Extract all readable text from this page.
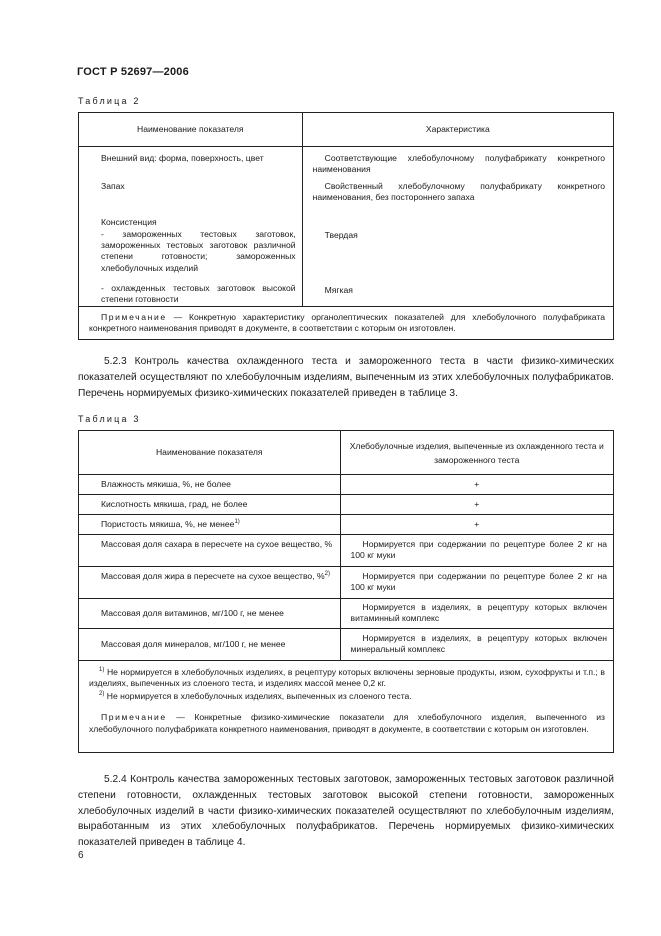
ГОСТ Р 52697—2006
Таблица 2
Наименование показателя	Характеристика
Внешний вид: форма, поверхность, цвет	Соответствующие хлебобулочному полуфабрикату конкретного наименования
Запах	Свойственный хлебобулочному полуфабрикату конкретного наименования, без постороннего запаха
Консистенция	
- замороженных тестовых заготовок, замороженных тестовых заготовок различной степени готовности; замороженных хлебобулочных изделий	Твердая
- охлажденных тестовых заготовок высокой степени готовности	Мягкая
Примечание — Конкретную характеристику органолептических показателей для хлебобулочного полуфабриката конкретного наименования приводят в документе, в соответствии с которым он изготовлен.	
5.2.3 Контроль качества охлажденного теста и замороженного теста в части физико-химических показателей осуществляют по хлебобулочным изделиям, выпеченным из этих хлебобулочных полуфабрикатов. Перечень нормируемых физико-химических показателей приведен в таблице 3.
Таблица 3
Наименование показателя	Хлебобулочные изделия, выпеченные из охлажденного теста и замороженного теста
Влажность мякиша, %, не более	+
Кислотность мякиша, град, не более	+
Пористость мякиша, %, не менее$^{1)}$	+
Массовая доля сахара в пересчете на сухое вещество, %	Нормируется при содержании по рецептуре более 2 кг на 100 кг муки
Массовая доля жира в пересчете на сухое вещество, %$^{2)}$	Нормируется при содержании по рецептуре более 2 кг на 100 кг муки
Массовая доля витаминов, мг/100 г, не менее	Нормируется в изделиях, в рецептуру которых включен витаминный комплекс
Массовая доля минералов, мг/100 г, не менее	Нормируется в изделиях, в рецептуру которых включен минеральный комплекс

$^{1)}$ Не нормируется в хлебобулочных изделиях, в рецептуру которых включены зерновые продукты, изюм, сухофрукты и т.п.; в изделиях, выпеченных из слоеного теста, и изделиях массой менее 0,2 кг.
$^{2)}$ Не нормируется в хлебобулочных изделиях, выпеченных из слоеного теста.
Примечание — Конкретные физико-химические показатели для хлебобулочного изделия, выпеченного из хлебобулочного полуфабриката конкретного наименования, приводят в документе, в соответствии с которым он изготовлен.	
5.2.4 Контроль качества замороженных тестовых заготовок, замороженных тестовых заготовок различной степени готовности, охлажденных тестовых заготовок высокой степени готовности, замороженных хлебобулочных изделий в части физико-химических показателей осуществляют по хлебобулочным изделиям, выработанным из этих хлебобулочных полуфабрикатов. Перечень нормируемых физико-химических показателей приведен в таблице 4.
6
